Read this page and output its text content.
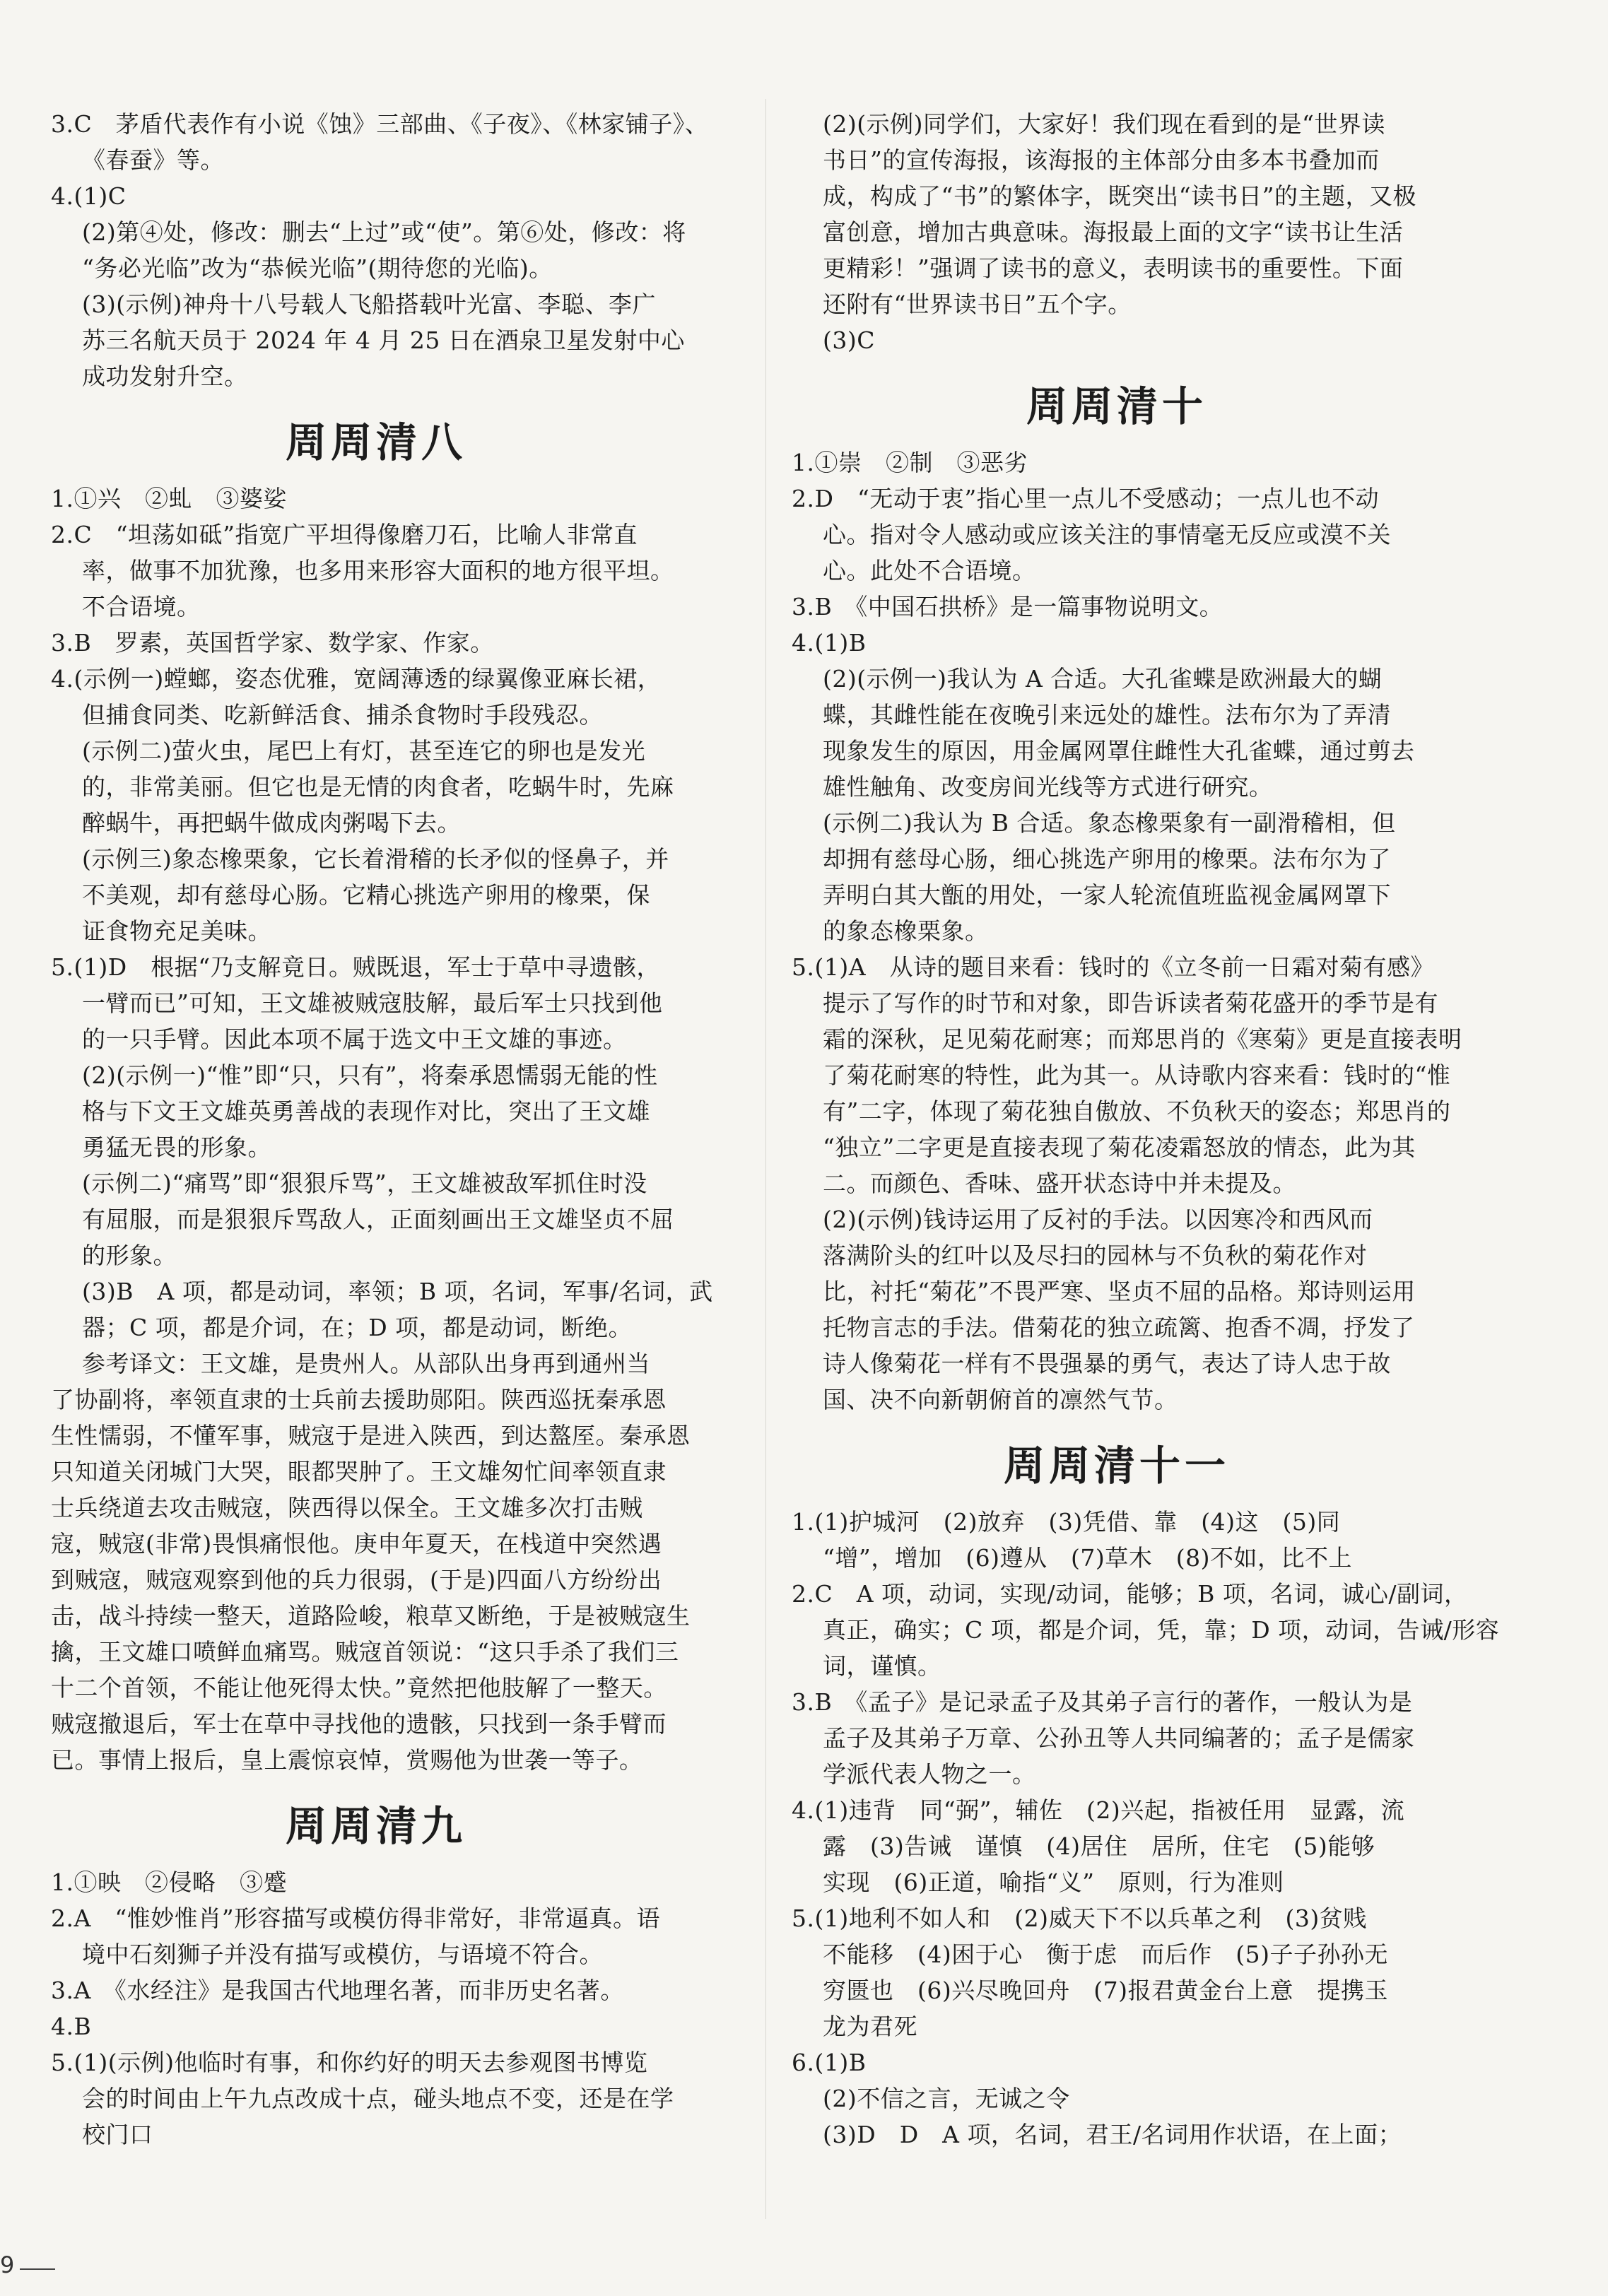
3.C　茅盾代表作有小说《蚀》三部曲、《子夜》、《林家铺子》、
《春蚕》等。
4.(1)C
(2)第④处，修改：删去“上过”或“使”。第⑥处，修改：将
“务必光临”改为“恭候光临”(期待您的光临)。
(3)(示例)神舟十八号载人飞船搭载叶光富、李聪、李广
苏三名航天员于 2024 年 4 月 25 日在酒泉卫星发射中心
成功发射升空。
周周清八
1.①兴　②虬　③婆娑
2.C　“坦荡如砥”指宽广平坦得像磨刀石，比喻人非常直
率，做事不加犹豫，也多用来形容大面积的地方很平坦。
不合语境。
3.B　罗素，英国哲学家、数学家、作家。
4.(示例一)螳螂，姿态优雅，宽阔薄透的绿翼像亚麻长裙，
但捕食同类、吃新鲜活食、捕杀食物时手段残忍。
(示例二)萤火虫，尾巴上有灯，甚至连它的卵也是发光
的，非常美丽。但它也是无情的肉食者，吃蜗牛时，先麻
醉蜗牛，再把蜗牛做成肉粥喝下去。
(示例三)象态橡栗象，它长着滑稽的长矛似的怪鼻子，并
不美观，却有慈母心肠。它精心挑选产卵用的橡栗，保
证食物充足美味。
5.(1)D　根据“乃支解竟日。贼既退，军士于草中寻遗骸，
一臂而已”可知，王文雄被贼寇肢解，最后军士只找到他
的一只手臂。因此本项不属于选文中王文雄的事迹。
(2)(示例一)“惟”即“只，只有”，将秦承恩懦弱无能的性
格与下文王文雄英勇善战的表现作对比，突出了王文雄
勇猛无畏的形象。
(示例二)“痛骂”即“狠狠斥骂”，王文雄被敌军抓住时没
有屈服，而是狠狠斥骂敌人，正面刻画出王文雄坚贞不屈
的形象。
(3)B　A 项，都是动词，率领；B 项，名词，军事/名词，武
器；C 项，都是介词，在；D 项，都是动词，断绝。
参考译文：王文雄，是贵州人。从部队出身再到通州当
了协副将，率领直隶的士兵前去援助郧阳。陕西巡抚秦承恩
生性懦弱，不懂军事，贼寇于是进入陕西，到达盩厔。秦承恩
只知道关闭城门大哭，眼都哭肿了。王文雄匆忙间率领直隶
士兵绕道去攻击贼寇，陕西得以保全。王文雄多次打击贼
寇，贼寇(非常)畏惧痛恨他。庚申年夏天，在栈道中突然遇
到贼寇，贼寇观察到他的兵力很弱，(于是)四面八方纷纷出
击，战斗持续一整天，道路险峻，粮草又断绝，于是被贼寇生
擒，王文雄口喷鲜血痛骂。贼寇首领说：“这只手杀了我们三
十二个首领，不能让他死得太快。”竟然把他肢解了一整天。
贼寇撤退后，军士在草中寻找他的遗骸，只找到一条手臂而
已。事情上报后，皇上震惊哀悼，赏赐他为世袭一等子。
周周清九
1.①映　②侵略　③蹙
2.A　“惟妙惟肖”形容描写或模仿得非常好，非常逼真。语
境中石刻狮子并没有描写或模仿，与语境不符合。
3.A　《水经注》是我国古代地理名著，而非历史名著。
4.B
5.(1)(示例)他临时有事，和你约好的明天去参观图书博览
会的时间由上午九点改成十点，碰头地点不变，还是在学
校门口
(2)(示例)同学们，大家好！我们现在看到的是“世界读
书日”的宣传海报，该海报的主体部分由多本书叠加而
成，构成了“书”的繁体字，既突出“读书日”的主题，又极
富创意，增加古典意味。海报最上面的文字“读书让生活
更精彩！”强调了读书的意义，表明读书的重要性。下面
还附有“世界读书日”五个字。
(3)C
周周清十
1.①崇　②制　③恶劣
2.D　“无动于衷”指心里一点儿不受感动；一点儿也不动
心。指对令人感动或应该关注的事情毫无反应或漠不关
心。此处不合语境。
3.B　《中国石拱桥》是一篇事物说明文。
4.(1)B
(2)(示例一)我认为 A 合适。大孔雀蝶是欧洲最大的蝴
蝶，其雌性能在夜晚引来远处的雄性。法布尔为了弄清
现象发生的原因，用金属网罩住雌性大孔雀蝶，通过剪去
雄性触角、改变房间光线等方式进行研究。
(示例二)我认为 B 合适。象态橡栗象有一副滑稽相，但
却拥有慈母心肠，细心挑选产卵用的橡栗。法布尔为了
弄明白其大甑的用处，一家人轮流值班监视金属网罩下
的象态橡栗象。
5.(1)A　从诗的题目来看：钱时的《立冬前一日霜对菊有感》
提示了写作的时节和对象，即告诉读者菊花盛开的季节是有
霜的深秋，足见菊花耐寒；而郑思肖的《寒菊》更是直接表明
了菊花耐寒的特性，此为其一。从诗歌内容来看：钱时的“惟
有”二字，体现了菊花独自傲放、不负秋天的姿态；郑思肖的
“独立”二字更是直接表现了菊花凌霜怒放的情态，此为其
二。而颜色、香味、盛开状态诗中并未提及。
(2)(示例)钱诗运用了反衬的手法。以因寒冷和西风而
落满阶头的红叶以及尽扫的园林与不负秋的菊花作对
比，衬托“菊花”不畏严寒、坚贞不屈的品格。郑诗则运用
托物言志的手法。借菊花的独立疏篱、抱香不凋，抒发了
诗人像菊花一样有不畏强暴的勇气，表达了诗人忠于故
国、决不向新朝俯首的凛然气节。
周周清十一
1.(1)护城河　(2)放弃　(3)凭借、靠　(4)这　(5)同
“增”，增加　(6)遵从　(7)草木　(8)不如，比不上
2.C　A 项，动词，实现/动词，能够；B 项，名词，诚心/副词，
真正，确实；C 项，都是介词，凭，靠；D 项，动词，告诫/形容
词，谨慎。
3.B　《孟子》是记录孟子及其弟子言行的著作，一般认为是
孟子及其弟子万章、公孙丑等人共同编著的；孟子是儒家
学派代表人物之一。
4.(1)违背　同“弼”，辅佐　(2)兴起，指被任用　显露，流
露　(3)告诫　谨慎　(4)居住　居所，住宅　(5)能够
实现　(6)正道，喻指“义”　原则，行为准则
5.(1)地利不如人和　(2)威天下不以兵革之利　(3)贫贱
不能移　(4)困于心　衡于虑　而后作　(5)子子孙孙无
穷匮也　(6)兴尽晚回舟　(7)报君黄金台上意　提携玉
龙为君死
6.(1)B
(2)不信之言，无诚之令
(3)D　D　A 项，名词，君王/名词用作状语，在上面；
9
